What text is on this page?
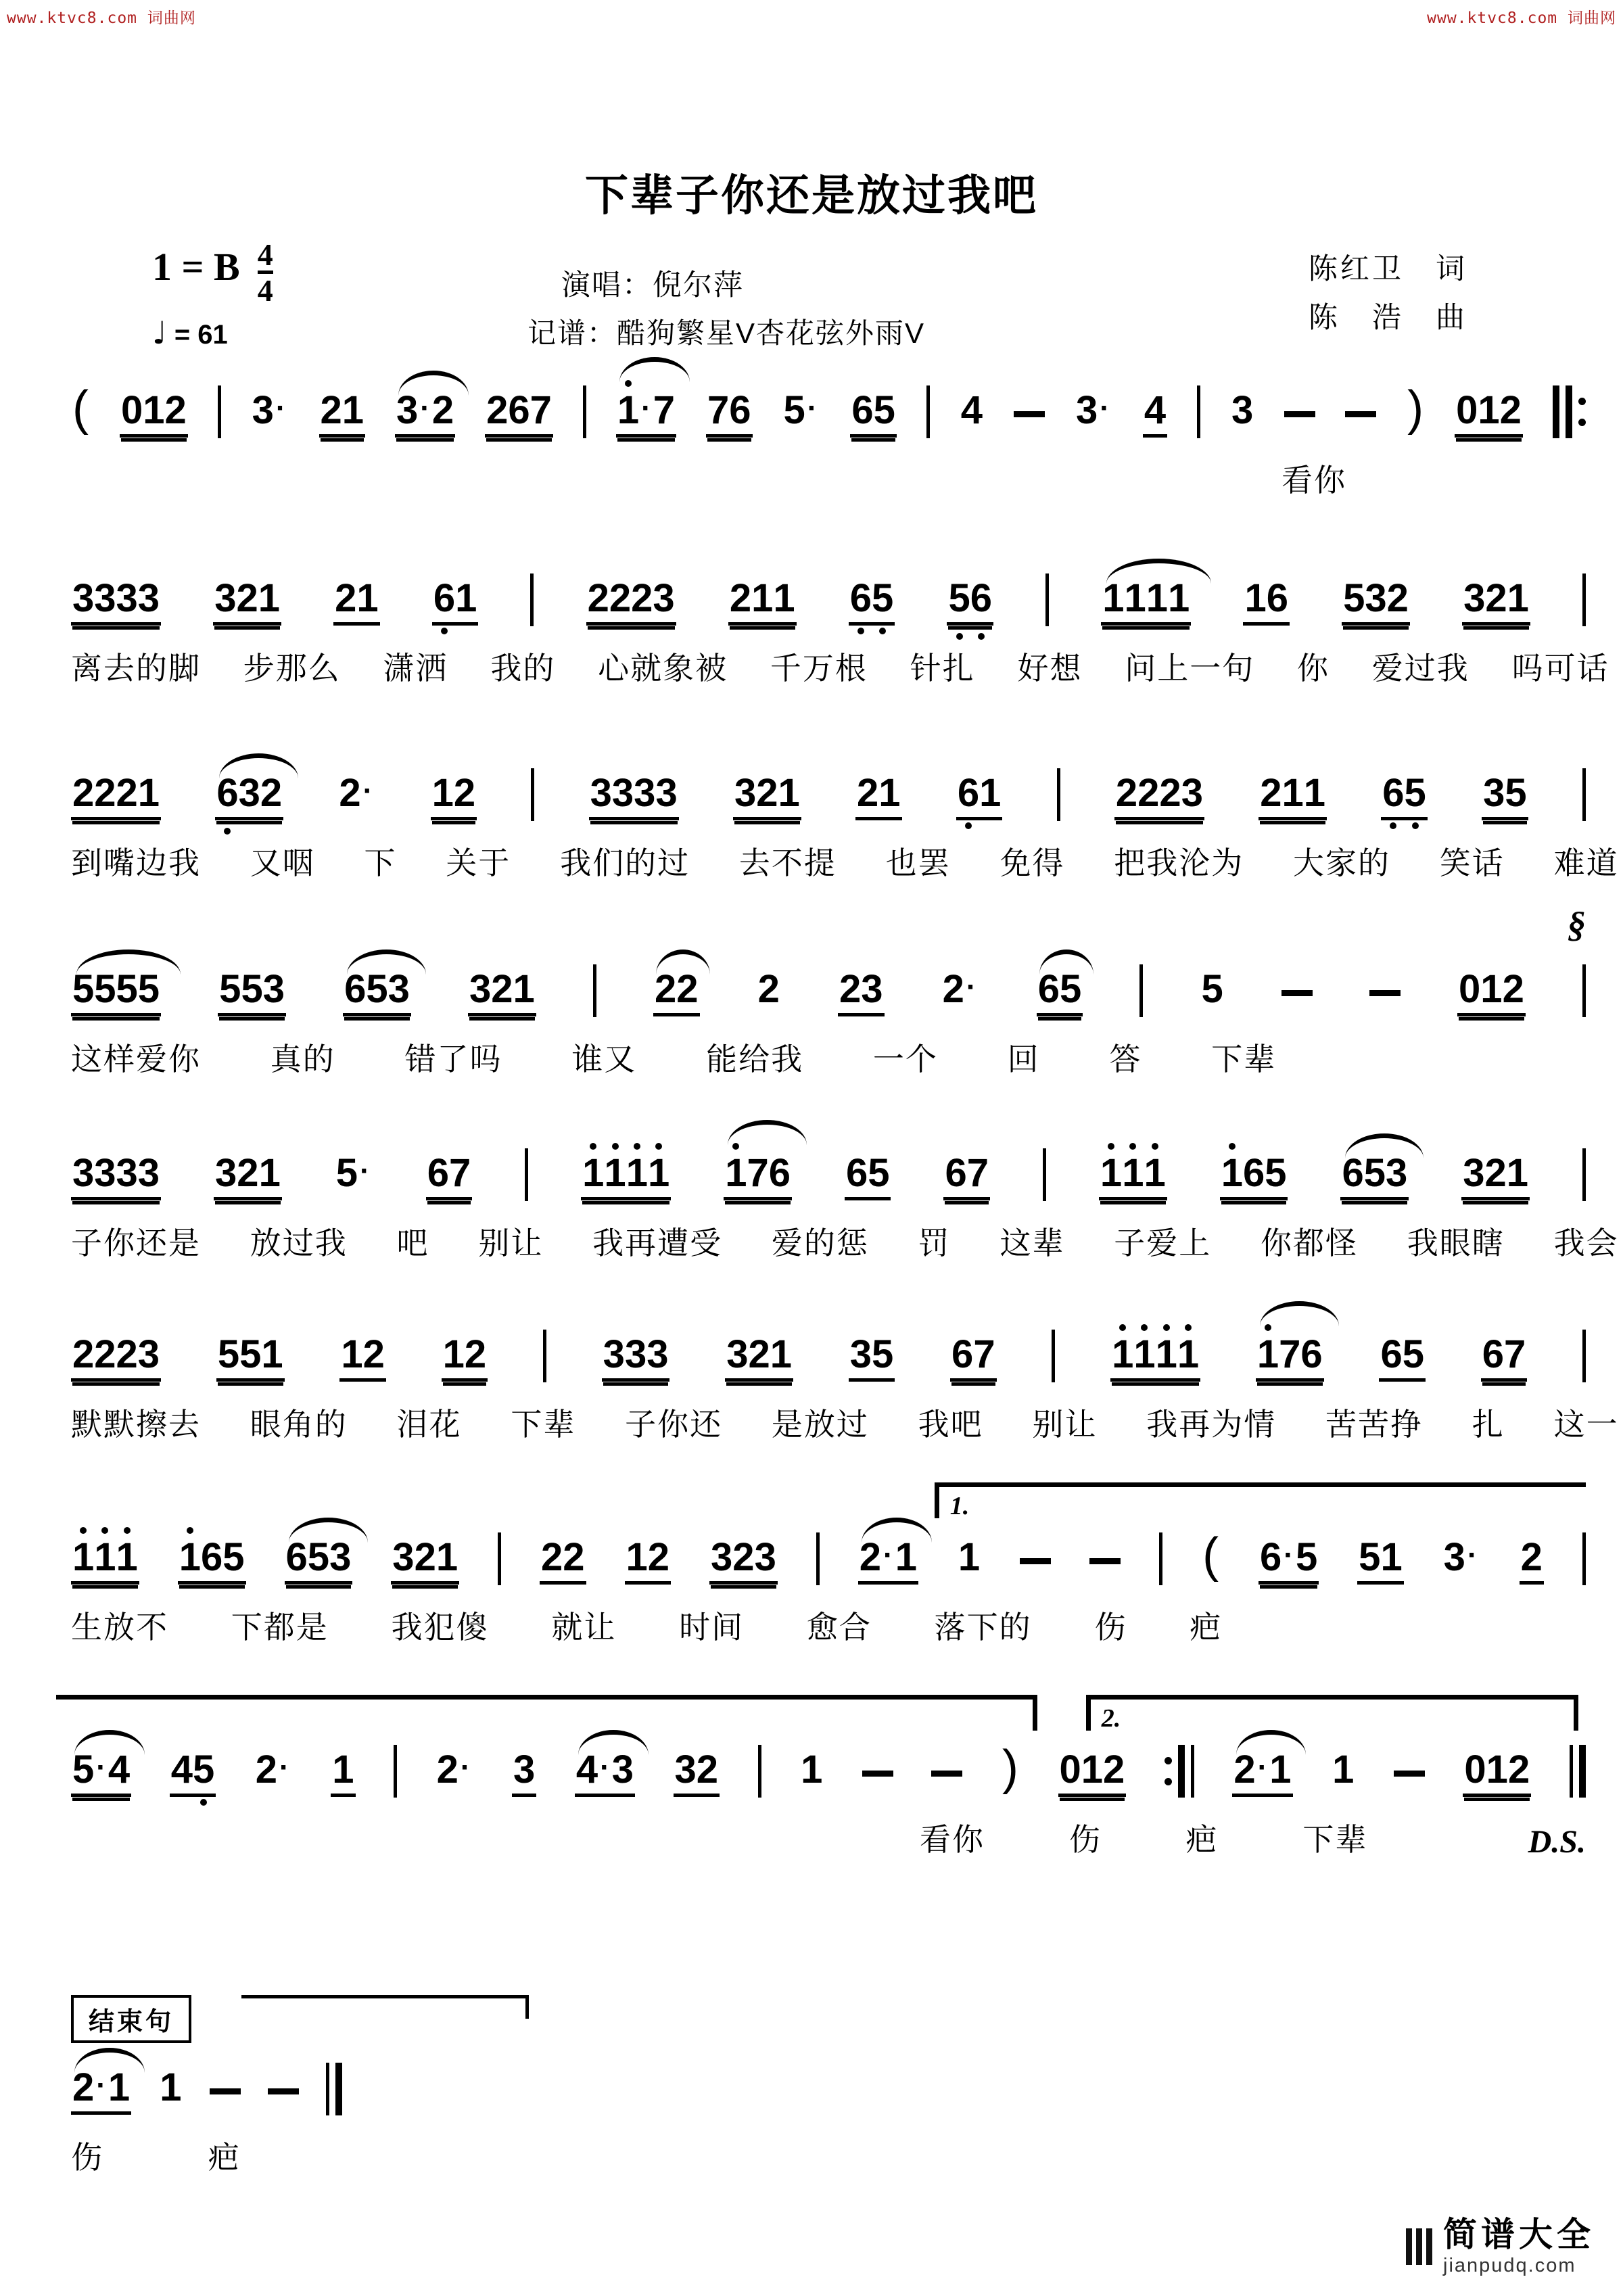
www.ktvc8.com 词曲网	www.ktvc8.com 词曲网
下辈子你还是放过我吧
1 = B $\frac{4}{4}$
♩ = 61
演唱：倪尔萍
记谱：酷狗繁星V杏花弦外雨V
陈红卫　词
陈　浩　曲
( 012 3· 21 3·2 267 1
·7 76 5· 65 4 3· 4 3	) 012
看你
3333 321 21 6
1	2223 211 6
5 5
6	1111 16 532 321
离去的脚 步那么 潇洒 我的 心就象被 千万根 针扎 好想 问上一句 你 爱过我 吗可话
2221 6
32 2· 12	3333 321 21 6
1	2223 211 6
5 35
到嘴边我 又咽 下 关于 我们的过 去不提 也罢 免得 把我沦为 大家的 笑话 难道
§
5555 553 653 321	22 2 23 2· 65	5	012
这样爱你 真的 错了吗 谁又 能给我 一个 回 答 下辈
3333 321 5· 67	1
1
1
1 1
76 65 67	1
1
1 1
65 653 321
子你还是 放过我 吧 别让 我再遭受 爱的惩 罚 这辈 子爱上 你都怪 我眼瞎 我会
2223 551 12 12	333 321 35 67	1
1
1
1 1
76 65 67
默默擦去 眼角的 泪花 下辈 子你还 是放过 我吧 别让 我再为情 苦苦挣 扎 这一
1.
1
1
1 1
65 653 321 22 12 323 2·1 1	( 6·5 51 3· 2
生放不 下都是 我犯傻 就让 时间 愈合 落下的 伤 疤
2.
5·4 45 2· 1 2· 3 4·3 32 1	) 012	2·1 1	012
看你 伤 疤 下辈	D.S.
结束句
2·1 1
伤 疤
简谱大全
jianpudq.com
